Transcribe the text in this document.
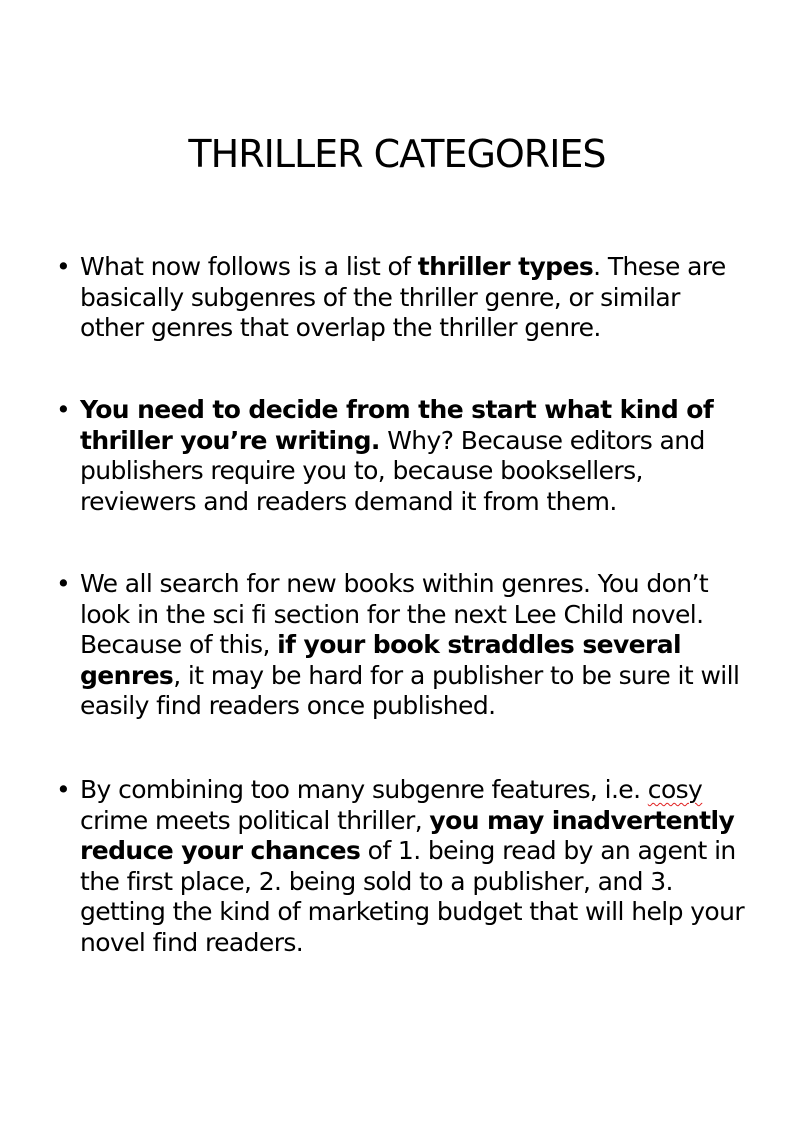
THRILLER CATEGORIES
• What now follows is a list of thriller types. These are basically subgenres of the thriller genre, or similar other genres that overlap the thriller genre.
• You need to decide from the start what kind of thriller you’re writing. Why? Because editors and publishers require you to, because booksellers, reviewers and readers demand it from them.
• We all search for new books within genres. You don’t look in the sci fi section for the next Lee Child novel. Because of this, if your book straddles several genres, it may be hard for a publisher to be sure it will easily find readers once published.
• By combining too many subgenre features, i.e. cosy crime meets political thriller, you may inadvertently reduce your chances of 1. being read by an agent in the first place, 2. being sold to a publisher, and 3. getting the kind of marketing budget that will help your novel find readers.
